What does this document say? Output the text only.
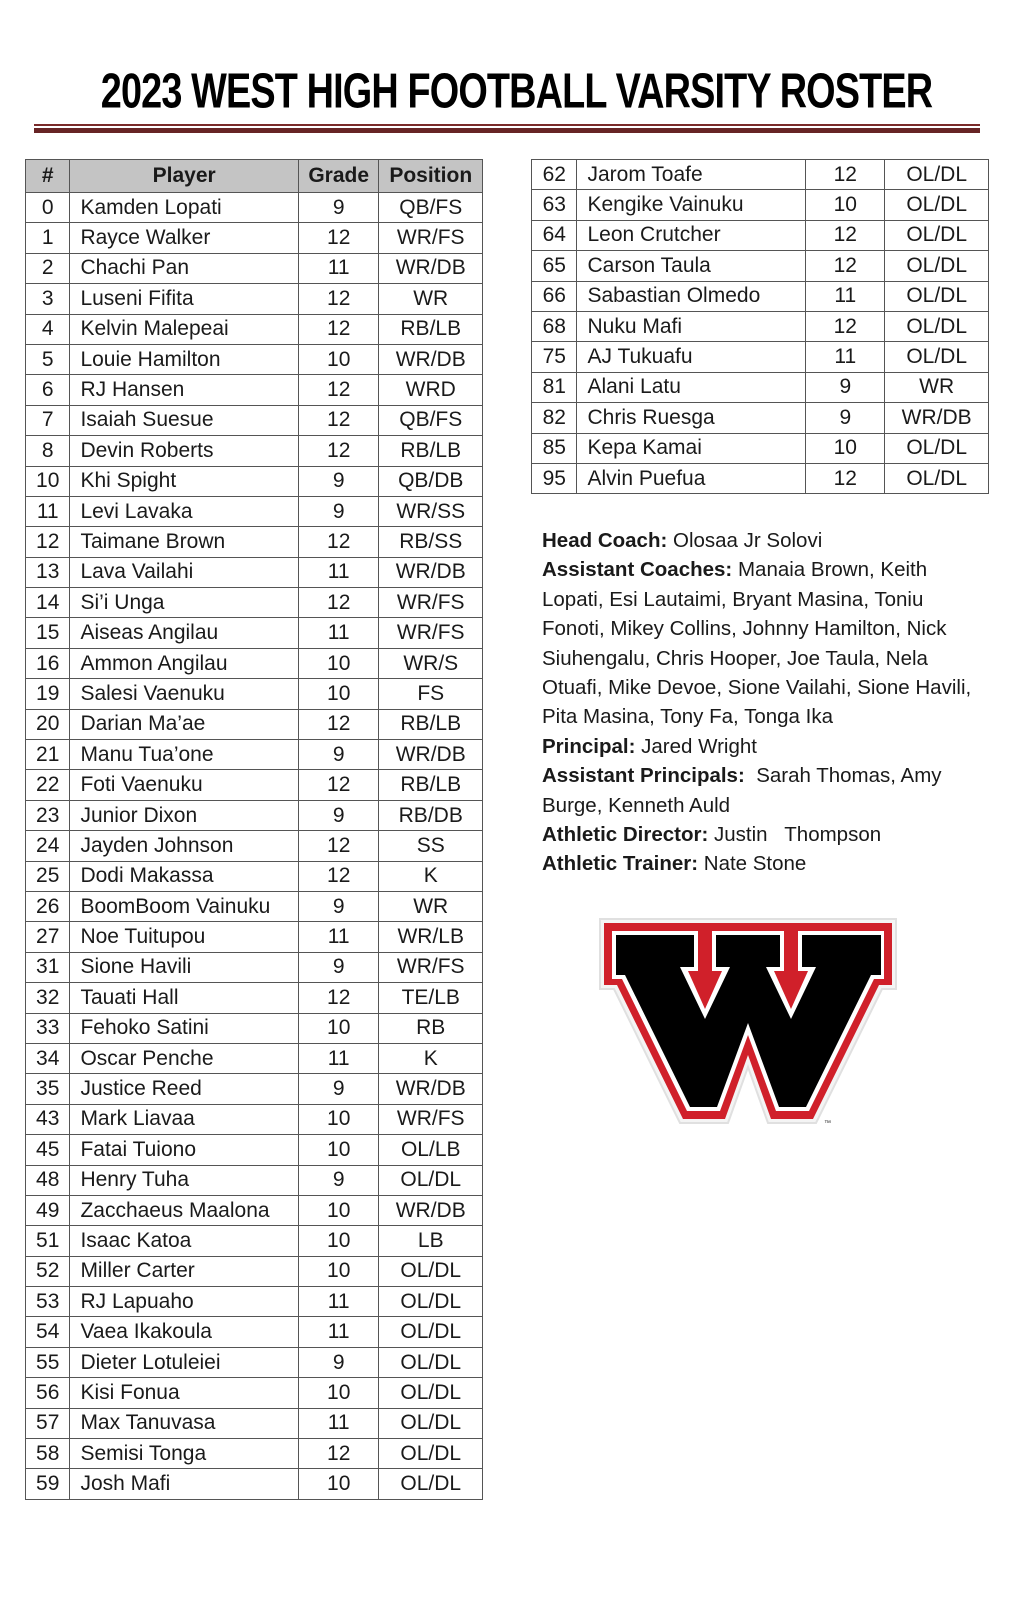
2023 WEST HIGH FOOTBALL VARSITY ROSTER
#	Player	Grade	Position
0	Kamden Lopati	9	QB/FS
1	Rayce Walker	12	WR/FS
2	Chachi Pan	11	WR/DB
3	Luseni Fifita	12	WR
4	Kelvin Malepeai	12	RB/LB
5	Louie Hamilton	10	WR/DB
6	RJ Hansen	12	WRD
7	Isaiah Suesue	12	QB/FS
8	Devin Roberts	12	RB/LB
10	Khi Spight	9	QB/DB
11	Levi Lavaka	9	WR/SS
12	Taimane Brown	12	RB/SS
13	Lava Vailahi	11	WR/DB
14	Si’i Unga	12	WR/FS
15	Aiseas Angilau	11	WR/FS
16	Ammon Angilau	10	WR/S
19	Salesi Vaenuku	10	FS
20	Darian Ma’ae	12	RB/LB
21	Manu Tua’one	9	WR/DB
22	Foti Vaenuku	12	RB/LB
23	Junior Dixon	9	RB/DB
24	Jayden Johnson	12	SS
25	Dodi Makassa	12	K
26	BoomBoom Vainuku	9	WR
27	Noe Tuitupou	11	WR/LB
31	Sione Havili	9	WR/FS
32	Tauati Hall	12	TE/LB
33	Fehoko Satini	10	RB
34	Oscar Penche	11	K
35	Justice Reed	9	WR/DB
43	Mark Liavaa	10	WR/FS
45	Fatai Tuiono	10	OL/LB
48	Henry Tuha	9	OL/DL
49	Zacchaeus Maalona	10	WR/DB
51	Isaac Katoa	10	LB
52	Miller Carter	10	OL/DL
53	RJ Lapuaho	11	OL/DL
54	Vaea Ikakoula	11	OL/DL
55	Dieter Lotuleiei	9	OL/DL
56	Kisi Fonua	10	OL/DL
57	Max Tanuvasa	11	OL/DL
58	Semisi Tonga	12	OL/DL
59	Josh Mafi	10	OL/DL
62	Jarom Toafe	12	OL/DL
63	Kengike Vainuku	10	OL/DL
64	Leon Crutcher	12	OL/DL
65	Carson Taula	12	OL/DL
66	Sabastian Olmedo	11	OL/DL
68	Nuku Mafi	12	OL/DL
75	AJ Tukuafu	11	OL/DL
81	Alani Latu	9	WR
82	Chris Ruesga	9	WR/DB
85	Kepa Kamai	10	OL/DL
95	Alvin Puefua	12	OL/DL

Head Coach: Olosaa Jr Solovi

Assistant Coaches: Manaia Brown, Keith Lopati, Esi Lautaimi, Bryant Masina, Toniu Fonoti, Mikey Collins, Johnny Hamilton, Nick Siuhengalu, Chris Hooper, Joe Taula, Nela Otuafi, Mike Devoe, Sione Vailahi, Sione Havili, Pita Masina, Tony Fa, Tonga Ika

Principal: Jared Wright

Assistant Principals:  Sarah Thomas, Amy Burge, Kenneth Auld

Athletic Director: Justin   Thompson

Athletic Trainer: Nate Stone

™
